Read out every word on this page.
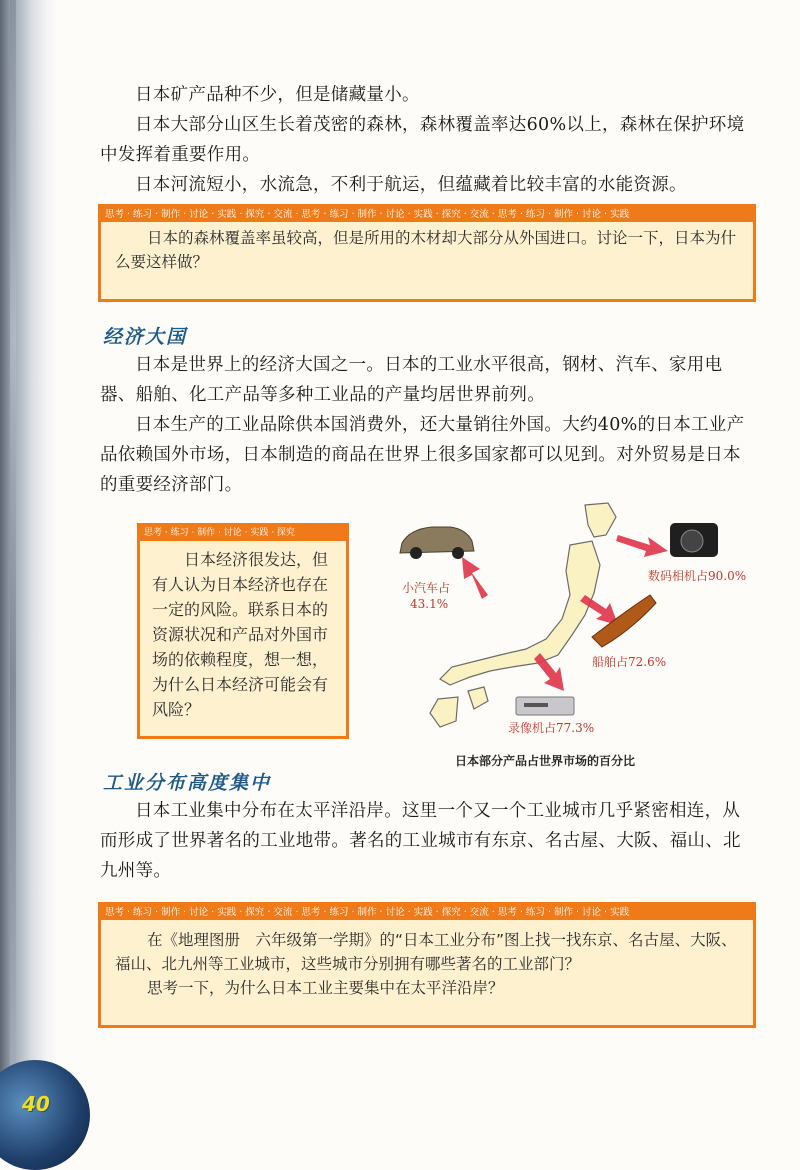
日本矿产品种不少，但是储藏量小。
日本大部分山区生长着茂密的森林，森林覆盖率达60%以上，森林在保护环境中发挥着重要作用。
日本河流短小，水流急，不利于航运，但蕴藏着比较丰富的水能资源。
思考 · 练习 · 制作 · 讨论 · 实践 · 探究 · 交流 · 思考 · 练习 · 制作 · 讨论 · 实践 · 探究 · 交流 · 思考 · 练习 · 制作 · 讨论 · 实践
日本的森林覆盖率虽较高，但是所用的木材却大部分从外国进口。讨论一下，日本为什么要这样做？
经济大国
日本是世界上的经济大国之一。日本的工业水平很高，钢材、汽车、家用电器、船舶、化工产品等多种工业品的产量均居世界前列。
日本生产的工业品除供本国消费外，还大量销往外国。大约40%的日本工业产品依赖国外市场，日本制造的商品在世界上很多国家都可以见到。对外贸易是日本的重要经济部门。
思考 · 练习 · 制作 · 讨论 · 实践 · 探究
日本经济很发达，但有人认为日本经济也存在一定的风险。联系日本的资源状况和产品对外国市场的依赖程度，想一想，为什么日本经济可能会有风险？
小汽车占
43.1%
数码相机占90.0%
船舶占72.6%
录像机占77.3%
日本部分产品占世界市场的百分比
工业分布高度集中
日本工业集中分布在太平洋沿岸。这里一个又一个工业城市几乎紧密相连，从而形成了世界著名的工业地带。著名的工业城市有东京、名古屋、大阪、福山、北九州等。
思考 · 练习 · 制作 · 讨论 · 实践 · 探究 · 交流 · 思考 · 练习 · 制作 · 讨论 · 实践 · 探究 · 交流 · 思考 · 练习 · 制作 · 讨论 · 实践
在《地理图册　六年级第一学期》的“日本工业分布”图上找一找东京、名古屋、大阪、福山、北九州等工业城市，这些城市分别拥有哪些著名的工业部门？
思考一下，为什么日本工业主要集中在太平洋沿岸？
40
